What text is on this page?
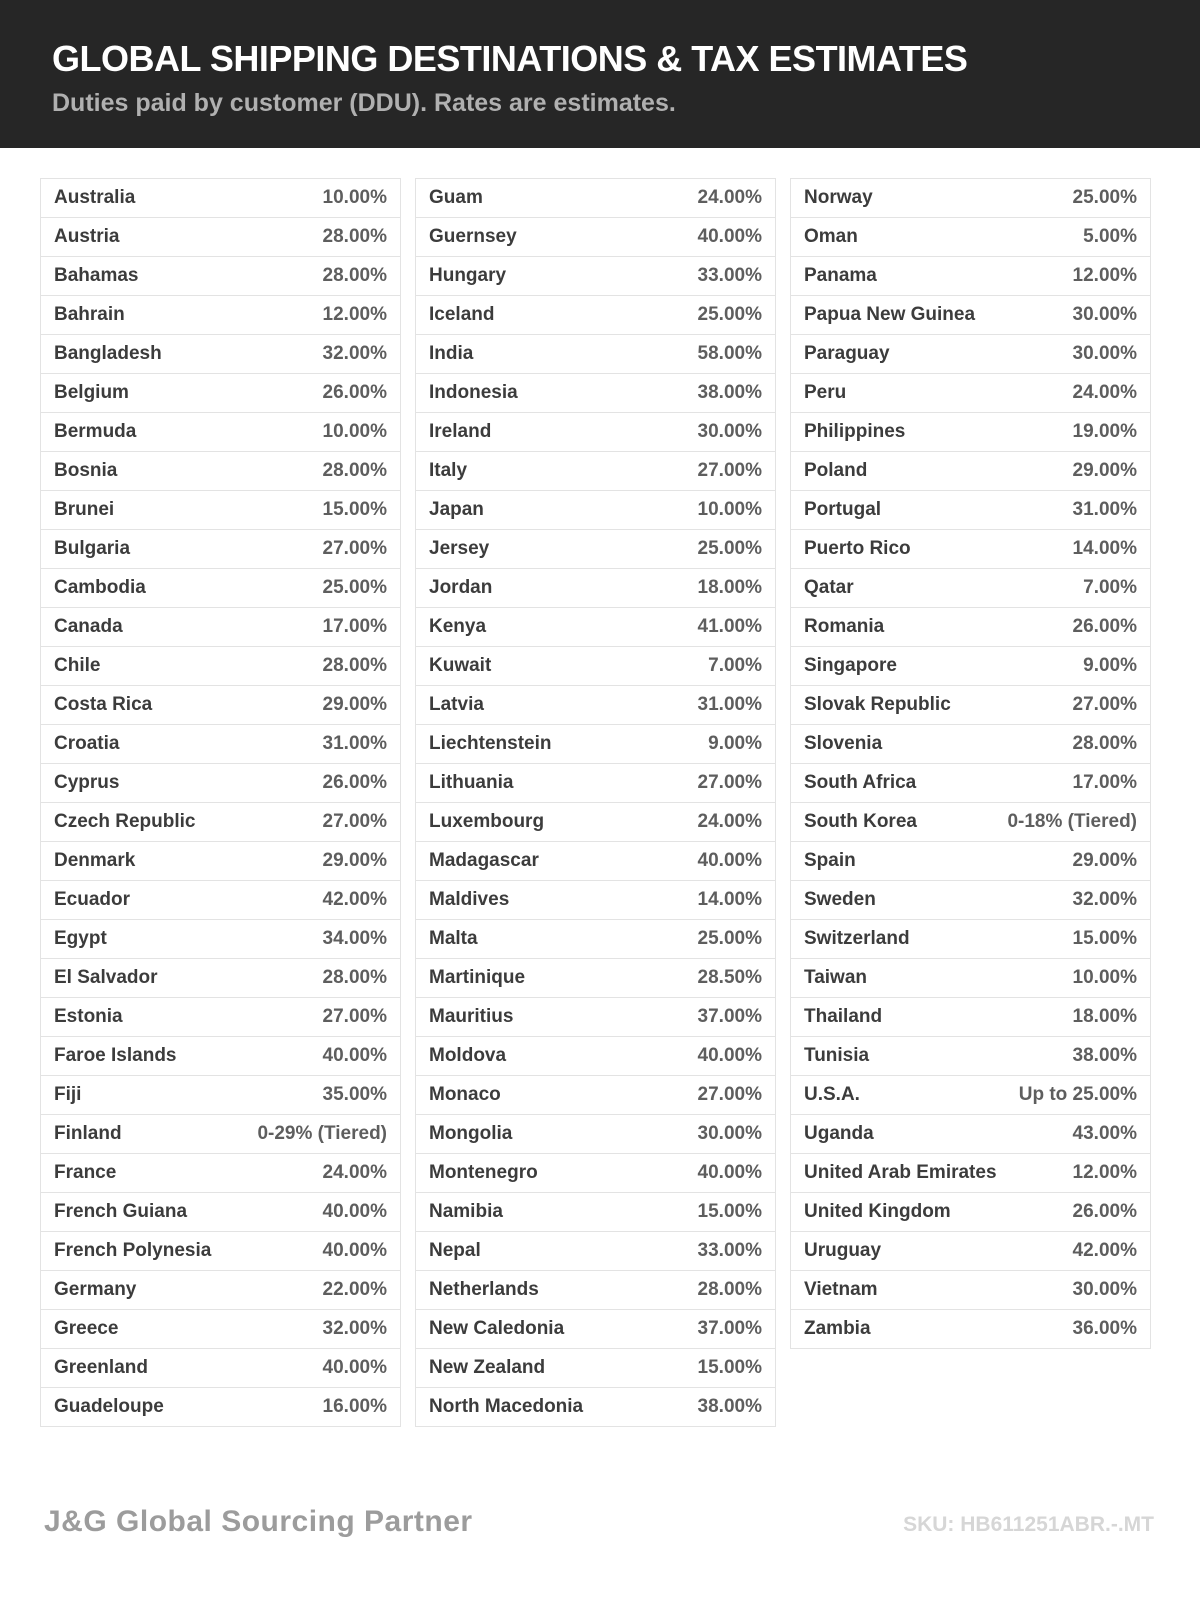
GLOBAL SHIPPING DESTINATIONS & TAX ESTIMATES
Duties paid by customer (DDU). Rates are estimates.
Australia	10.00%
Austria	28.00%
Bahamas	28.00%
Bahrain	12.00%
Bangladesh	32.00%
Belgium	26.00%
Bermuda	10.00%
Bosnia	28.00%
Brunei	15.00%
Bulgaria	27.00%
Cambodia	25.00%
Canada	17.00%
Chile	28.00%
Costa Rica	29.00%
Croatia	31.00%
Cyprus	26.00%
Czech Republic	27.00%
Denmark	29.00%
Ecuador	42.00%
Egypt	34.00%
El Salvador	28.00%
Estonia	27.00%
Faroe Islands	40.00%
Fiji	35.00%
Finland	0-29% (Tiered)
France	24.00%
French Guiana	40.00%
French Polynesia	40.00%
Germany	22.00%
Greece	32.00%
Greenland	40.00%
Guadeloupe	16.00%
Guam	24.00%
Guernsey	40.00%
Hungary	33.00%
Iceland	25.00%
India	58.00%
Indonesia	38.00%
Ireland	30.00%
Italy	27.00%
Japan	10.00%
Jersey	25.00%
Jordan	18.00%
Kenya	41.00%
Kuwait	7.00%
Latvia	31.00%
Liechtenstein	9.00%
Lithuania	27.00%
Luxembourg	24.00%
Madagascar	40.00%
Maldives	14.00%
Malta	25.00%
Martinique	28.50%
Mauritius	37.00%
Moldova	40.00%
Monaco	27.00%
Mongolia	30.00%
Montenegro	40.00%
Namibia	15.00%
Nepal	33.00%
Netherlands	28.00%
New Caledonia	37.00%
New Zealand	15.00%
North Macedonia	38.00%
Norway	25.00%
Oman	5.00%
Panama	12.00%
Papua New Guinea	30.00%
Paraguay	30.00%
Peru	24.00%
Philippines	19.00%
Poland	29.00%
Portugal	31.00%
Puerto Rico	14.00%
Qatar	7.00%
Romania	26.00%
Singapore	9.00%
Slovak Republic	27.00%
Slovenia	28.00%
South Africa	17.00%
South Korea	0-18% (Tiered)
Spain	29.00%
Sweden	32.00%
Switzerland	15.00%
Taiwan	10.00%
Thailand	18.00%
Tunisia	38.00%
U.S.A.	Up to 25.00%
Uganda	43.00%
United Arab Emirates	12.00%
United Kingdom	26.00%
Uruguay	42.00%
Vietnam	30.00%
Zambia	36.00%
J&G Global Sourcing Partner	SKU: HB611251ABR.-.MT
